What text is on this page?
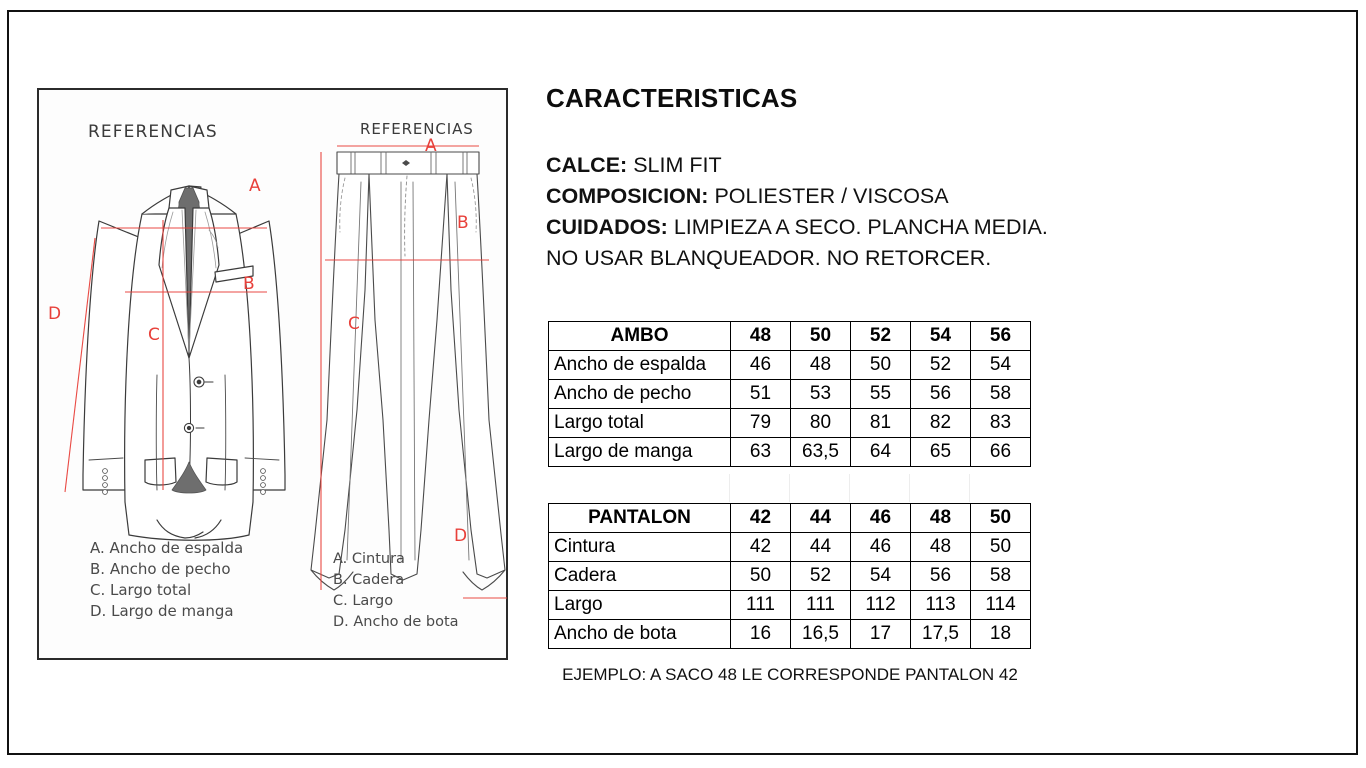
REFERENCIAS	REFERENCIAS
A
B
C
D
A
B
C
D
A. Ancho de espalda
B. Ancho de pecho
C. Largo total
D. Largo de manga
A. Cintura
B. Cadera
C. Largo
D. Ancho de bota
CARACTERISTICAS
CALCE: SLIM FIT
COMPOSICION: POLIESTER / VISCOSA
CUIDADOS: LIMPIEZA A SECO. PLANCHA MEDIA.
NO USAR BLANQUEADOR. NO RETORCER.
AMBO	48	50	52	54	56
Ancho de espalda	46	48	50	52	54
Ancho de pecho	51	53	55	56	58
Largo total	79	80	81	82	83
Largo de manga	63	63,5	64	65	66
PANTALON	42	44	46	48	50
Cintura	42	44	46	48	50
Cadera	50	52	54	56	58
Largo	111	111	112	113	114
Ancho de bota	16	16,5	17	17,5	18
EJEMPLO: A SACO 48 LE CORRESPONDE PANTALON 42
